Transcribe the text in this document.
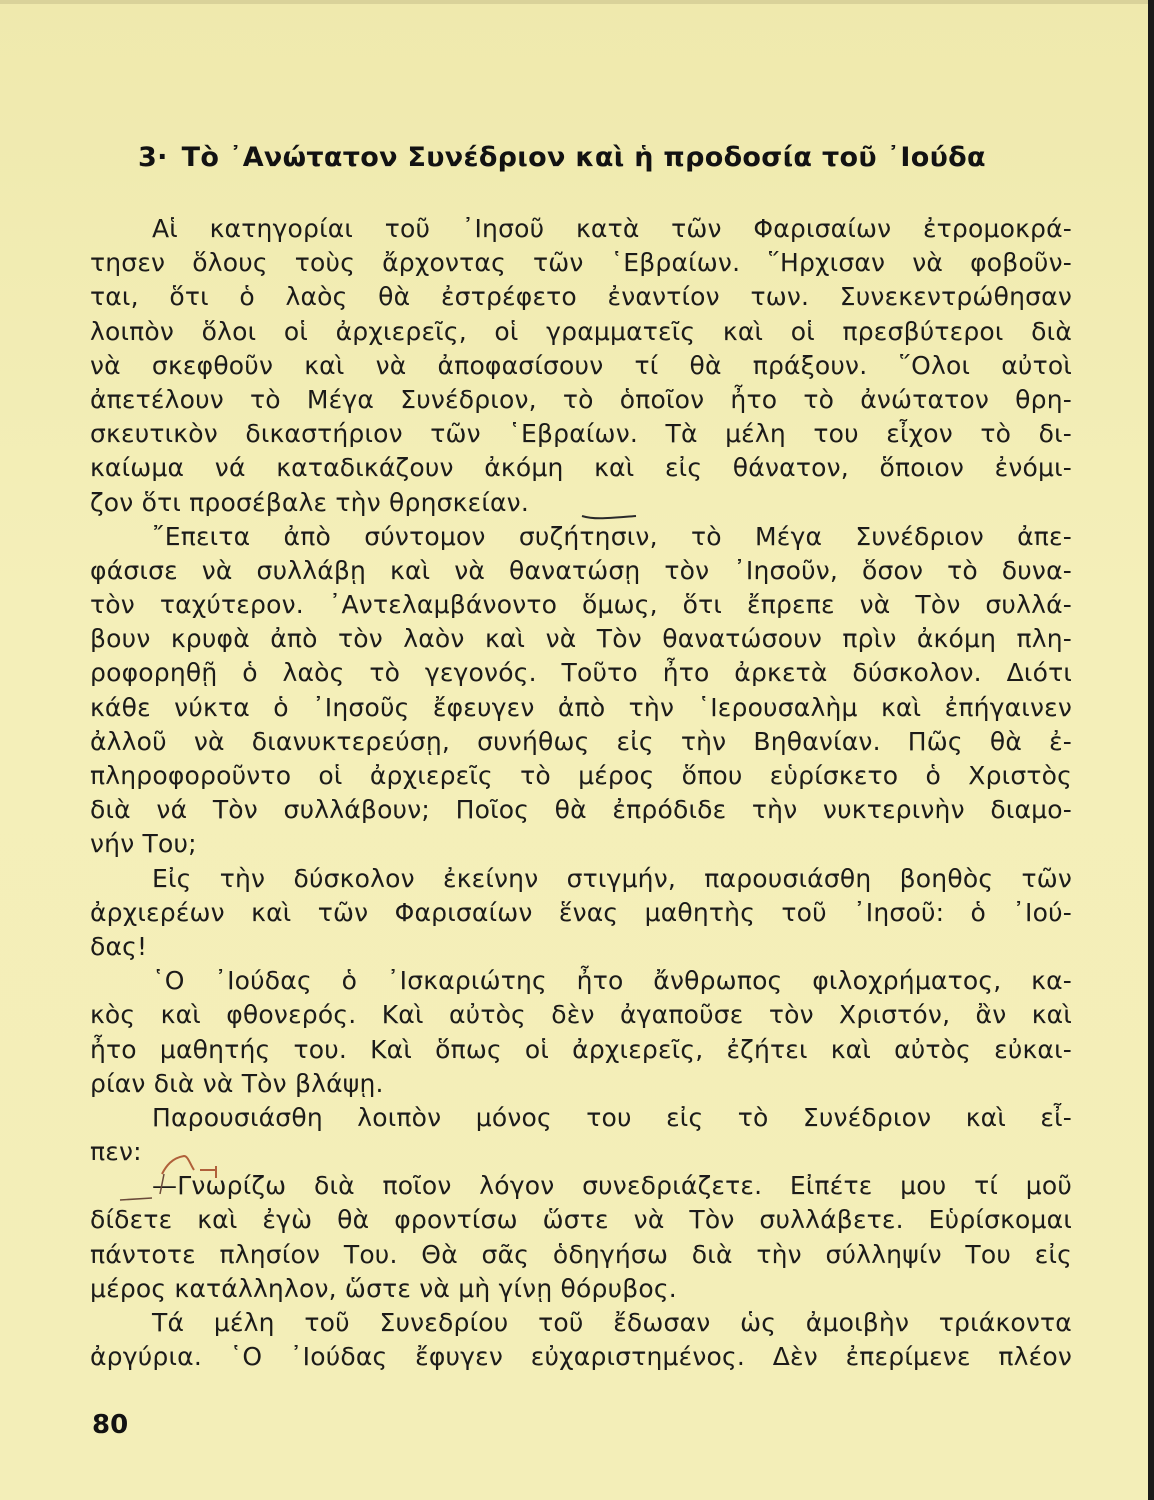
3· Τὸ ᾿Ανώτατον Συνέδριον καὶ ἡ προδοσία τοῦ ᾿Ιούδα
Αἱ κατηγορίαι τοῦ ᾿Ιησοῦ κατὰ τῶν Φαρισαίων ἐτρομοκρά-
τησεν ὅλους τοὺς ἄρχοντας τῶν ῾Εβραίων. ῞Ηρχισαν νὰ φοβοῦν-
ται, ὅτι ὁ λαὸς θὰ ἐστρέφετο ἐναντίον των. Συνεκεντρώθησαν
λοιπὸν ὅλοι οἱ ἀρχιερεῖς, οἱ γραμματεῖς καὶ οἱ πρεσβύτεροι διὰ
νὰ σκεφθοῦν καὶ νὰ ἀποφασίσουν τί θὰ πράξουν. ῞Ολοι αὐτοὶ
ἀπετέλουν τὸ Μέγα Συνέδριον, τὸ ὁποῖον ἦτο τὸ ἀνώτατον θρη-
σκευτικὸν δικαστήριον τῶν ῾Εβραίων. Τὰ μέλη του εἶχον τὸ δι-
καίωμα νά καταδικάζουν ἀκόμη καὶ εἰς θάνατον, ὅποιον ἐνόμι-
ζον ὅτι προσέβαλε τὴν θρησκείαν.
῎Επειτα ἀπὸ σύντομον συζήτησιν, τὸ Μέγα Συνέδριον ἀπε-
φάσισε νὰ συλλάβῃ καὶ νὰ θανατώσῃ τὸν ᾿Ιησοῦν, ὅσον τὸ δυνα-
τὸν ταχύτερον. ᾿Αντελαμβάνοντο ὅμως, ὅτι ἔπρεπε νὰ Τὸν συλλά-
βουν κρυφὰ ἀπὸ τὸν λαὸν καὶ νὰ Τὸν θανατώσουν πρὶν ἀκόμη πλη-
ροφορηθῇ ὁ λαὸς τὸ γεγονός. Τοῦτο ἦτο ἀρκετὰ δύσκολον. Διότι
κάθε νύκτα ὁ ᾿Ιησοῦς ἔφευγεν ἀπὸ τὴν ῾Ιερουσαλὴμ καὶ ἐπήγαινεν
ἀλλοῦ νὰ διανυκτερεύσῃ, συνήθως εἰς τὴν Βηθανίαν. Πῶς θὰ ἐ-
πληροφοροῦντο οἱ ἀρχιερεῖς τὸ μέρος ὅπου εὑρίσκετο ὁ Χριστὸς
διὰ νά Τὸν συλλάβουν; Ποῖος θὰ ἐπρόδιδε τὴν νυκτερινὴν διαμο-
νήν Του;
Εἰς τὴν δύσκολον ἐκείνην στιγμήν, παρουσιάσθη βοηθὸς τῶν
ἀρχιερέων καὶ τῶν Φαρισαίων ἕνας μαθητὴς τοῦ ᾿Ιησοῦ: ὁ ᾿Ιού-
δας!
῾Ο ᾿Ιούδας ὁ ᾿Ισκαριώτης ἦτο ἄνθρωπος φιλοχρήματος, κα-
κὸς καὶ φθονερός. Καὶ αὐτὸς δὲν ἀγαποῦσε τὸν Χριστόν, ἂν καὶ
ἦτο μαθητής του. Καὶ ὅπως οἱ ἀρχιερεῖς, ἐζήτει καὶ αὐτὸς εὐκαι-
ρίαν διὰ νὰ Τὸν βλάψῃ.
Παρουσιάσθη λοιπὸν μόνος του εἰς τὸ Συνέδριον καὶ εἶ-
πεν:
—Γνωρίζω διὰ ποῖον λόγον συνεδριάζετε. Εἰπέτε μου τί μοῦ
δίδετε καὶ ἐγὼ θὰ φροντίσω ὥστε νὰ Τὸν συλλάβετε. Εὑρίσκομαι
πάντοτε πλησίον Του. Θὰ σᾶς ὁδηγήσω διὰ τὴν σύλληψίν Του εἰς
μέρος κατάλληλον, ὥστε νὰ μὴ γίνῃ θόρυβος.
Τά μέλη τοῦ Συνεδρίου τοῦ ἔδωσαν ὡς ἀμοιβὴν τριάκοντα
ἀργύρια. ῾Ο ᾿Ιούδας ἔφυγεν εὐχαριστημένος. Δὲν ἐπερίμενε πλέον
80
